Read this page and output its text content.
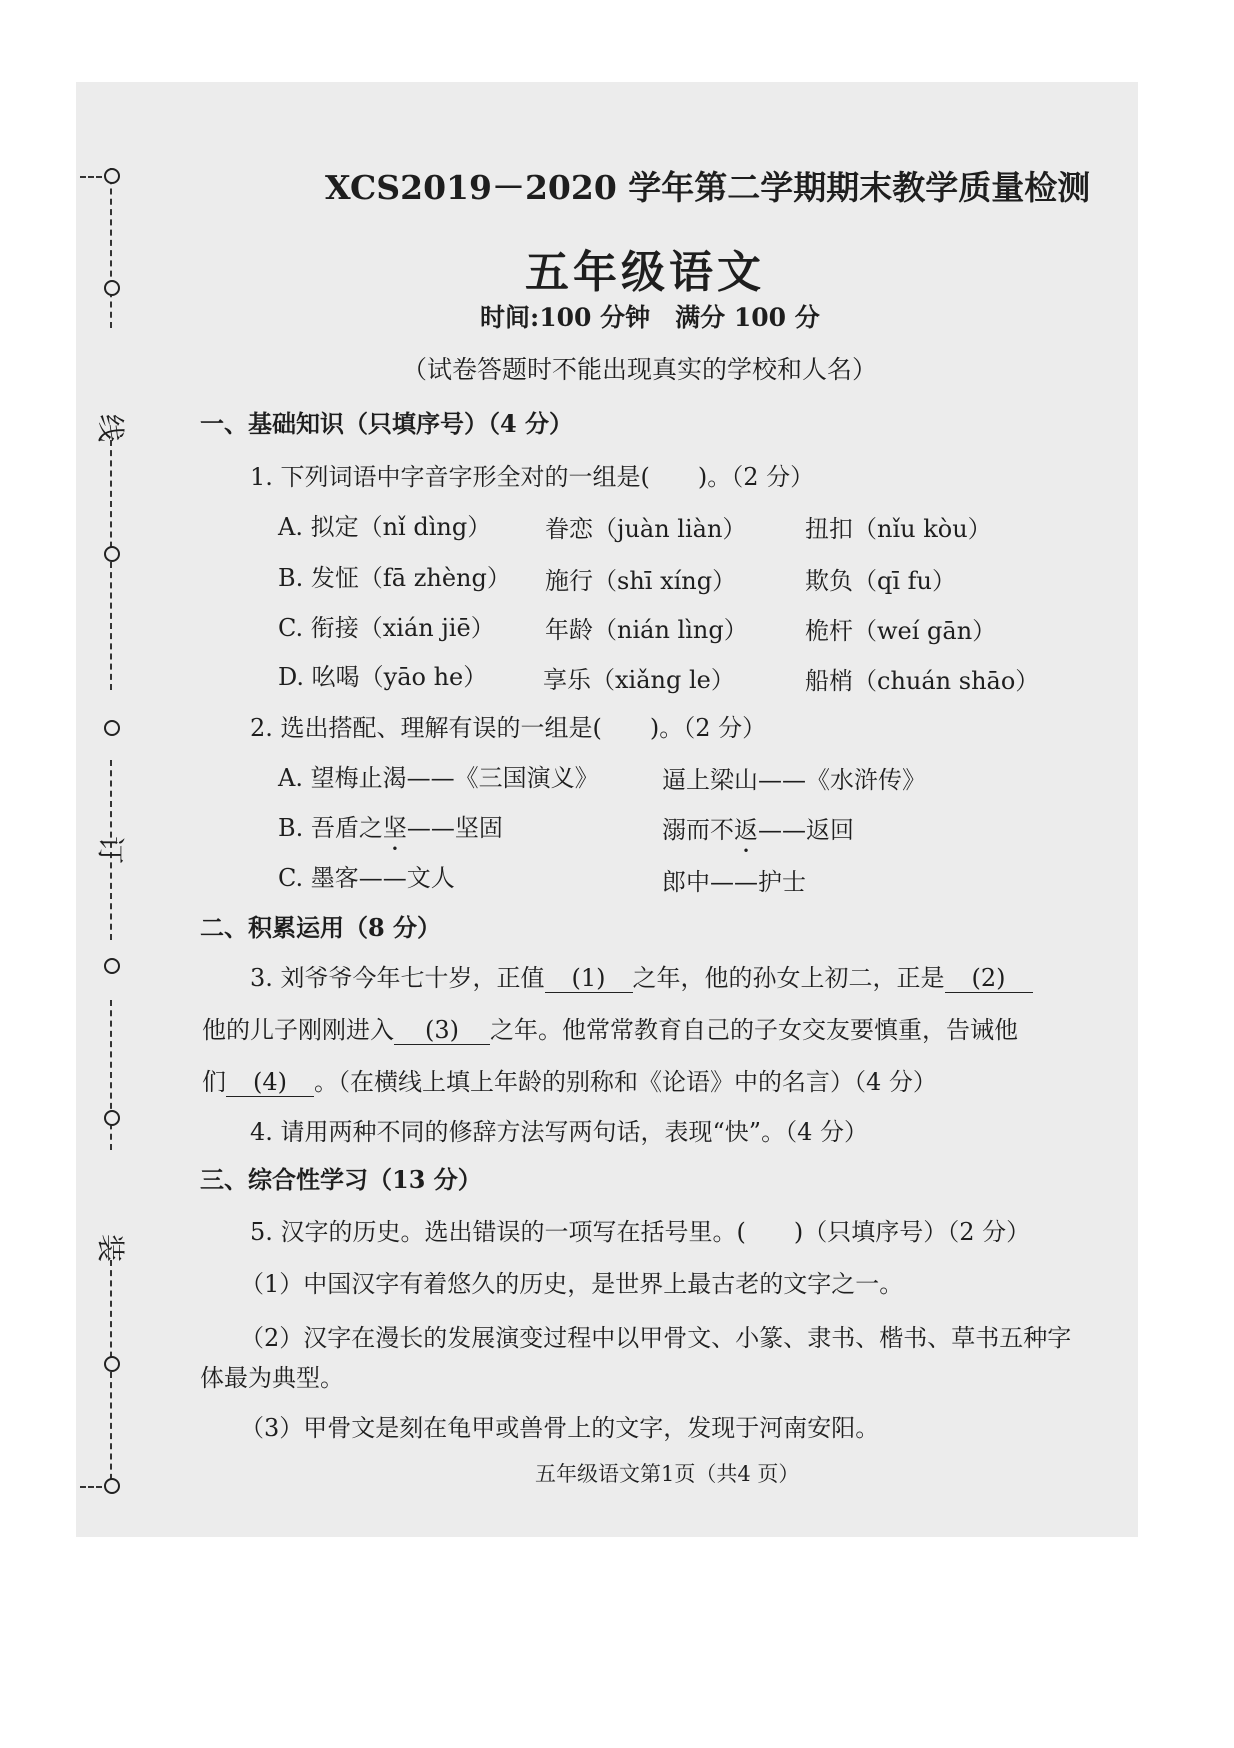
线
订
装
XCS2019－2020 学年第二学期期末教学质量检测
五年级语文
时间:100 分钟　满分 100 分
（试卷答题时不能出现真实的学校和人名）
一、基础知识（只填序号）（4 分）
1. 下列词语中字音字形全对的一组是(　　)。（2 分）
A. 拟定（nǐ dìng） 眷恋（juàn liàn） 扭扣（nǐu kòu）
B. 发怔（fā zhèng） 施行（shī xíng）	欺负（qī fu）
C. 衔接（xián jiē） 年龄（nián lìng） 桅杆（weí gān）
D. 吆喝（yāo he） 享乐（xiǎng le）	船梢（chuán shāo）
2. 选出搭配、理解有误的一组是(　　)。（2 分）
A. 望梅止渴——《三国演义》	逼上梁山——《水浒传》
B. 吾盾之坚——坚固	溺而不返——返回
C. 墨客——文人	郎中——护士
二、积累运用（8 分）
3. 刘爷爷今年七十岁，正值 (1) 之年，他的孙女上初二，正是 (2)
他的儿子刚刚进入 (3) 之年。他常常教育自己的子女交友要慎重，告诫他
们 (4) 。（在横线上填上年龄的别称和《论语》中的名言）（4 分）
4. 请用两种不同的修辞方法写两句话，表现“快”。（4 分）
三、综合性学习（13 分）
5. 汉字的历史。选出错误的一项写在括号里。(　　)（只填序号）（2 分）
（1）中国汉字有着悠久的历史，是世界上最古老的文字之一。
（2）汉字在漫长的发展演变过程中以甲骨文、小篆、隶书、楷书、草书五种字
体最为典型。
（3）甲骨文是刻在龟甲或兽骨上的文字，发现于河南安阳。
五年级语文第1页（共4 页）
